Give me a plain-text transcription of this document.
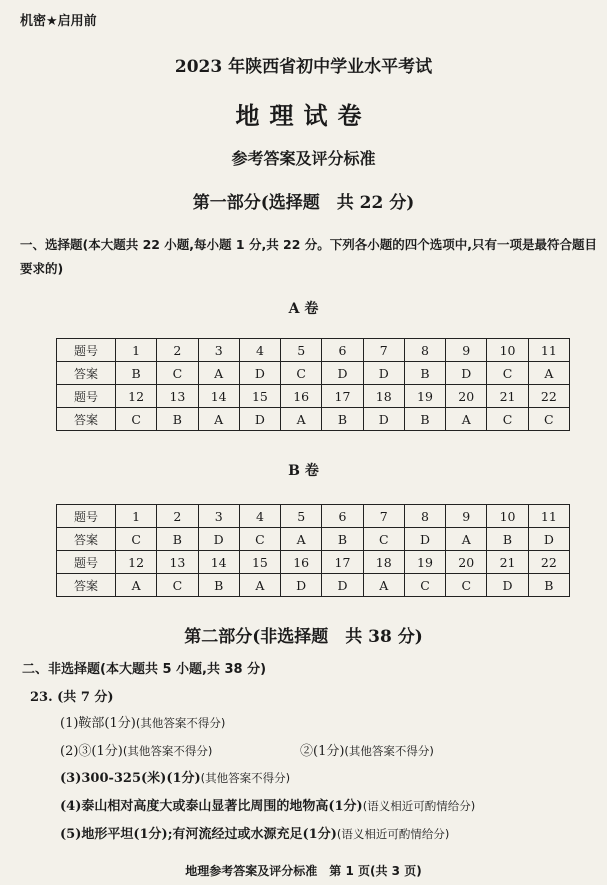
机密★启用前
2023 年陕西省初中学业水平考试
地理试卷
参考答案及评分标准
第一部分(选择题　共 22 分)
一、选择题(本大题共 22 小题,每小题 1 分,共 22 分。下列各小题的四个选项中,只有一项是最符合题目要求的)
A 卷
题号	1	2	3	4	5	6	7	8	9	10	11
答案	B	C	A	D	C	D	D	B	D	C	A
题号	12	13	14	15	16	17	18	19	20	21	22
答案	C	B	A	D	A	B	D	B	A	C	C
B 卷
题号	1	2	3	4	5	6	7	8	9	10	11
答案	C	B	D	C	A	B	C	D	A	B	D
题号	12	13	14	15	16	17	18	19	20	21	22
答案	A	C	B	A	D	D	A	C	C	D	B
第二部分(非选择题　共 38 分)
二、非选择题(本大题共 5 小题,共 38 分)
23. (共 7 分)
(1)鞍部(1分)(其他答案不得分)
(2)③(1分)(其他答案不得分)	②(1分)(其他答案不得分)
(3)300-325(米)(1分)(其他答案不得分)
(4)泰山相对高度大或泰山显著比周围的地物高(1分)(语义相近可酌情给分)
(5)地形平坦(1分);有河流经过或水源充足(1分)(语义相近可酌情给分)
地理参考答案及评分标准　第 1 页(共 3 页)
